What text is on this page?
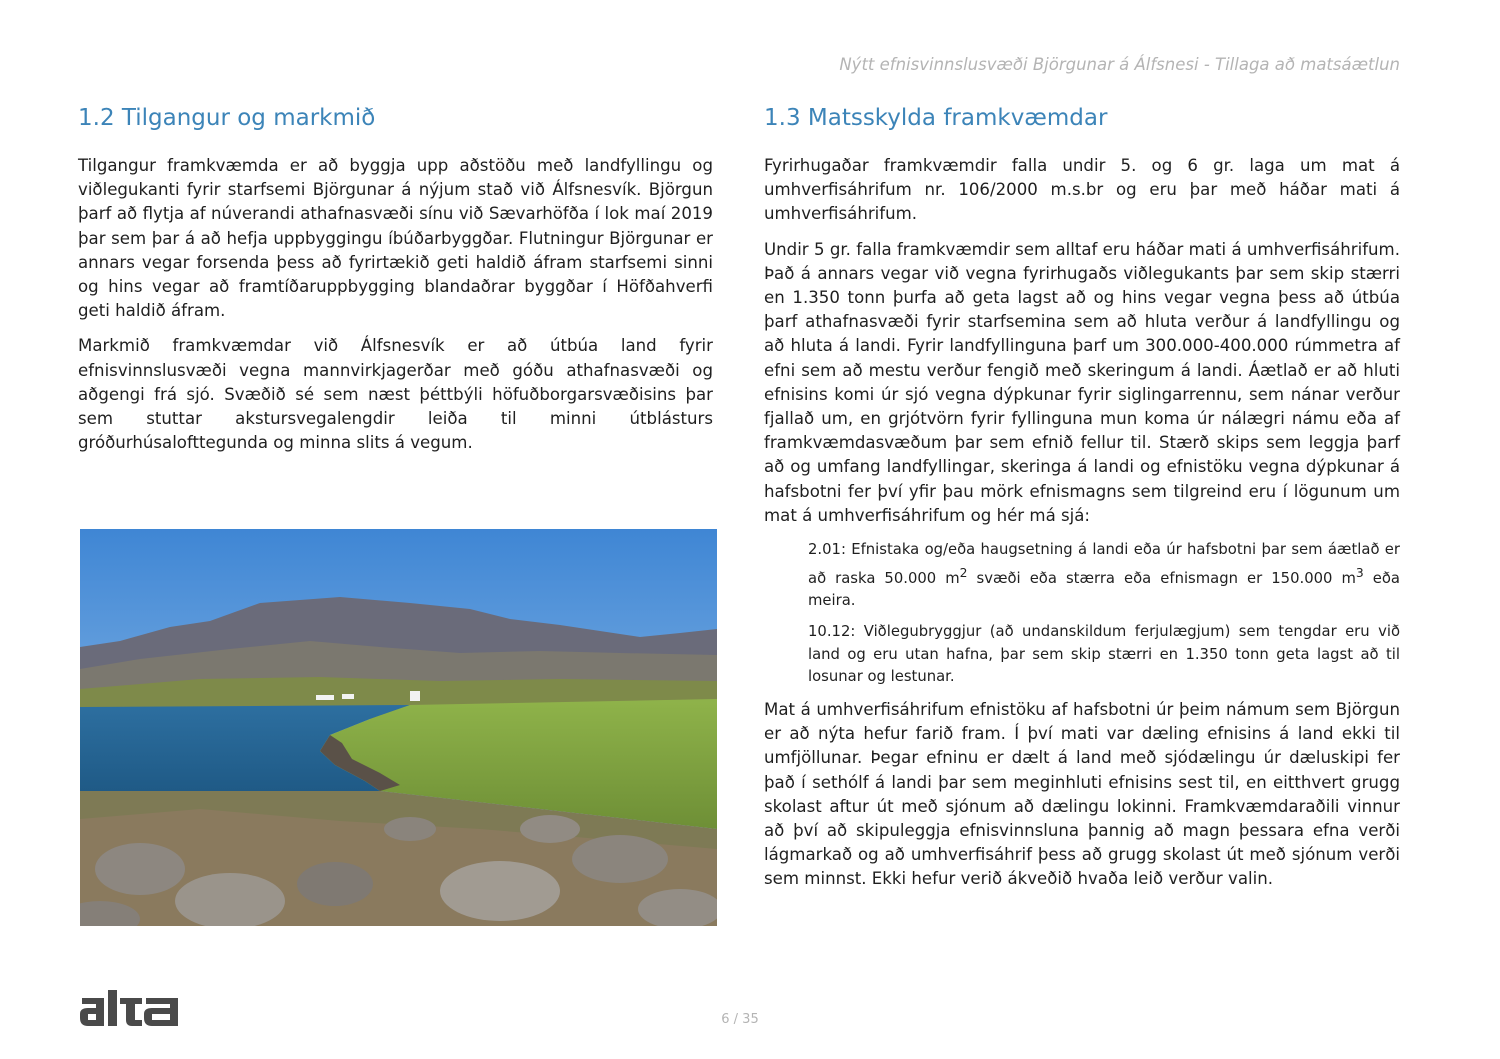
Nýtt efnisvinnslusvæði Björgunar á Álfsnesi - Tillaga að matsáætlun
1.2 Tilgangur og markmið

Tilgangur framkvæmda er að byggja upp aðstöðu með landfyllingu og viðlegukanti fyrir starfsemi Björgunar á nýjum stað við Álfsnesvík. Björgun þarf að flytja af núverandi athafnasvæði sínu við Sævarhöfða í lok maí 2019 þar sem þar á að hefja uppbyggingu íbúðarbyggðar. Flutningur Björgunar er annars vegar forsenda þess að fyrirtækið geti haldið áfram starfsemi sinni og hins vegar að framtíðaruppbygging blandaðrar byggðar í Höfðahverfi geti haldið áfram.

Markmið framkvæmdar við Álfsnesvík er að útbúa land fyrir efnisvinnslusvæði vegna mannvirkjagerðar með góðu athafnasvæði og aðgengi frá sjó. Svæðið sé sem næst þéttbýli höfuðborgarsvæðisins þar sem stuttar akstursvegalengdir leiða til minni útblásturs gróðurhúsalofttegunda og minna slits á vegum.

1.3 Matsskylda framkvæmdar

Fyrirhugaðar framkvæmdir falla undir 5. og 6 gr. laga um mat á umhverfisáhrifum nr. 106/2000 m.s.br og eru þar með háðar mati á umhverfisáhrifum.

Undir 5 gr. falla framkvæmdir sem alltaf eru háðar mati á umhverfisáhrifum. Það á annars vegar við vegna fyrirhugaðs viðlegukants þar sem skip stærri en 1.350 tonn þurfa að geta lagst að og hins vegar vegna þess að útbúa þarf athafnasvæði fyrir starfsemina sem að hluta verður á landfyllingu og að hluta á landi. Fyrir landfyllinguna þarf um 300.000-400.000 rúmmetra af efni sem að mestu verður fengið með skeringum á landi. Áætlað er að hluti efnisins komi úr sjó vegna dýpkunar fyrir siglingarrennu, sem nánar verður fjallað um, en grjótvörn fyrir fyllinguna mun koma úr nálægri námu eða af framkvæmdasvæðum þar sem efnið fellur til. Stærð skips sem leggja þarf að og umfang landfyllingar, skeringa á landi og efnistöku vegna dýpkunar á hafsbotni fer því yfir þau mörk efnismagns sem tilgreind eru í lögunum um mat á umhverfisáhrifum og hér má sjá:

2.01: Efnistaka og/eða haugsetning á landi eða úr hafsbotni þar sem áætlað er að raska 50.000 $m^2$ svæði eða stærra eða efnismagn er 150.000 $m^3$ eða meira.
10.12: Viðlegubryggjur (að undanskildum ferjulægjum) sem tengdar eru við land og eru utan hafna, þar sem skip stærri en 1.350 tonn geta lagst að til losunar og lestunar.

Mat á umhverfisáhrifum efnistöku af hafsbotni úr þeim námum sem Björgun er að nýta hefur farið fram. Í því mati var dæling efnisins á land ekki til umfjöllunar. Þegar efninu er dælt á land með sjódælingu úr dæluskipi fer það í sethólf á landi þar sem meginhluti efnisins sest til, en eitthvert grugg skolast aftur út með sjónum að dælingu lokinni. Framkvæmdaraðili vinnur að því að skipuleggja efnisvinnsluna þannig að magn þessara efna verði lágmarkað og að umhverfisáhrif þess að grugg skolast út með sjónum verði sem minnst. Ekki hefur verið ákveðið hvaða leið verður valin.

6 / 35
